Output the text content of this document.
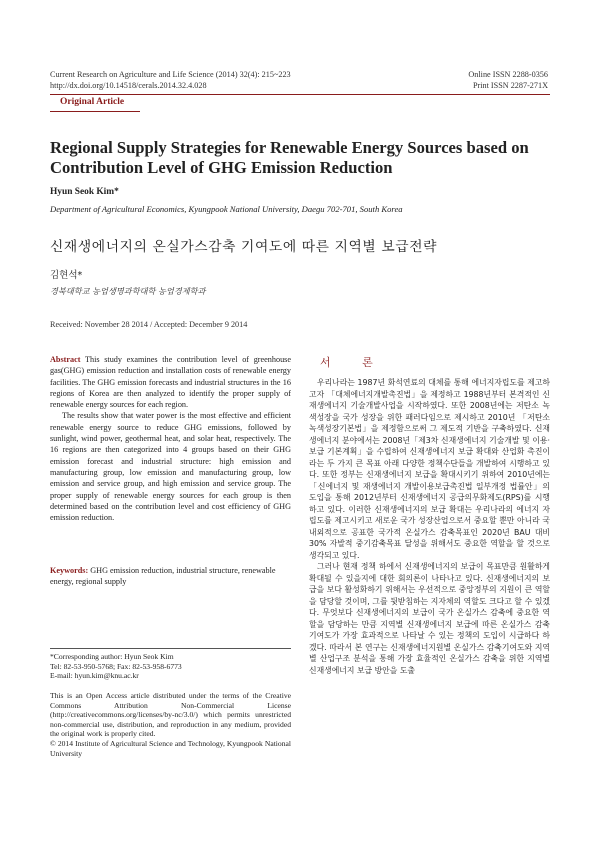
Current Research on Agriculture and Life Science (2014) 32(4): 215~223
http://dx.doi.org/10.14518/cerals.2014.32.4.028
Online ISSN 2288-0356
Print ISSN 2287-271X
Original Article
Regional Supply Strategies for Renewable Energy Sources based on Contribution Level of GHG Emission Reduction
Hyun Seok Kim*
Department of Agricultural Economics, Kyungpook National University, Daegu 702-701, South Korea
신재생에너지의 온실가스감축 기여도에 따른 지역별 보급전략
김현석*
경북대학교 농업생명과학대학 농업경제학과
Received: November 28 2014 / Accepted: December 9 2014

Abstract This study examines the contribution level of greenhouse gas(GHG) emission reduction and installation costs of renewable energy facilities. The GHG emission forecasts and industrial structures in the 16 regions of Korea are then analyzed to identify the proper supply of renewable energy sources for each region.

The results show that water power is the most effective and efficient renewable energy source to reduce GHG emissions, followed by sunlight, wind power, geothermal heat, and solar heat, respectively. The 16 regions are then categorized into 4 groups based on their GHG emission forecast and industrial structure: high emission and manufacturing group, low emission and manufacturing group, low emission and service group, and high emission and service group. The proper supply of renewable energy sources for each group is then determined based on the contribution level and cost efficiency of GHG emission reduction.

Keywords: GHG emission reduction, industrial structure, renewable energy, regional supply
*Corresponding author: Hyun Seok Kim
Tel: 82-53-950-5768; Fax: 82-53-958-6773
E-mail: hyun.kim@knu.ac.kr
This is an Open Access article distributed under the terms of the Creative Commons Attribution Non-Commercial License (http://creativecommons.org/licenses/by-nc/3.0/) which permits unrestricted non-commercial use, distribution, and reproduction in any medium, provided the original work is properly cited.
© 2014 Institute of Agricultural Science and Technology, Kyungpook National University
서 론

우리나라는 1987년 화석연료의 대체를 통해 에너지자립도를 제고하고자 「대체에너지개발촉진법」을 제정하고 1988년부터 본격적인 신재생에너지 기술개발사업을 시작하였다. 또한 2008년에는 저탄소 녹색성장을 국가 성장을 위한 패러다임으로 제시하고 2010년 「저탄소녹색성장기본법」을 제정함으로써 그 제도적 기반을 구축하였다. 신재생에너지 분야에서는 2008년「제3차 신재생에너지 기술개발 및 이용·보급 기본계획」을 수립하여 신재생에너지 보급 확대와 산업화 촉진이라는 두 가지 큰 목표 아래 다양한 정책수단들을 개발하여 시행하고 있다. 또한 정부는 신재생에너지 보급을 확대시키기 위하여 2010년에는 「신에너지 및 재생에너지 개발이용보급촉진법 일부개정 법률안」의 도입을 통해 2012년부터 신재생에너지 공급의무화제도(RPS)를 시행하고 있다. 이러한 신재생에너지의 보급 확대는 우리나라의 에너지 자립도를 제고시키고 새로운 국가 성장산업으로서 중요할 뿐만 아니라 국내외적으로 공표한 국가적 온실가스 감축목표인 2020년 BAU 대비 30% 자발적 중기감축목표 달성을 위해서도 중요한 역할을 할 것으로 생각되고 있다.

그러나 현재 정책 하에서 신재생에너지의 보급이 목표만큼 원활하게 확대될 수 있을지에 대한 회의론이 나타나고 있다. 신재생에너지의 보급을 보다 활성화하기 위해서는 우선적으로 중앙정부의 지원이 큰 역할을 담당할 것이며, 그를 뒷받침하는 지자체의 역할도 크다고 할 수 있겠다. 무엇보다 신재생에너지의 보급이 국가 온실가스 감축에 중요한 역할을 담당하는 만큼 지역별 신재생에너지 보급에 따른 온실가스 감축 기여도가 가장 효과적으로 나타날 수 있는 정책의 도입이 시급하다 하겠다. 따라서 본 연구는 신재생에너지원별 온실가스 감축기여도와 지역별 산업구조 분석을 통해 가장 효율적인 온실가스 감축을 위한 지역별 신재생에너지 보급 방안을 도출
